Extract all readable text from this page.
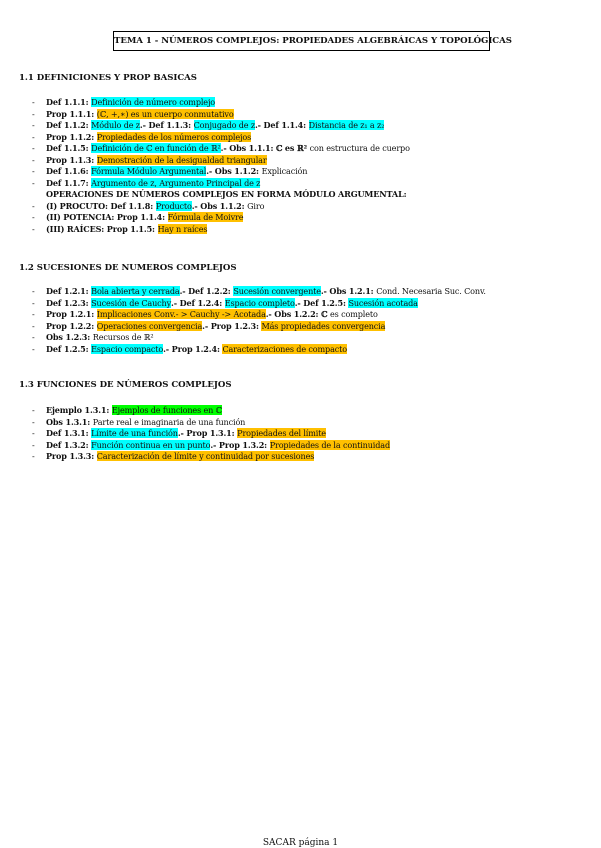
TEMA 1 - NÚMEROS COMPLEJOS: PROPIEDADES ALGEBRÁICAS Y TOPOLÓGICAS
1.1 DEFINICIONES Y PROP BASICAS
-	Def 1.1.1: Definición de número complejo
-	Prop 1.1.1: (ℂ, +,∗) es un cuerpo conmutativo
-	Def 1.1.2: Módulo de z.- Def 1.1.3: Conjugado de z.- Def 1.1.4: Distancia de z₁ a z₂
-	Prop 1.1.2: Propiedades de los números complejos
-	Def 1.1.5: Definición de ℂ en función de ℝ².- Obs 1.1.1: ℂ es ℝ² con estructura de cuerpo
-	Prop 1.1.3: Demostración de la desigualdad triangular
-	Def 1.1.6: Fórmula Módulo Argumental.- Obs 1.1.2: Explicación
-	Def 1.1.7: Argumento de z, Argumento Principal de z
OPERACIONES DE NÚMEROS COMPLEJOS EN FORMA MÓDULO ARGUMENTAL:
-	(I) PROCUTO: Def 1.1.8: Producto.- Obs 1.1.2: Giro
-	(II) POTENCIA: Prop 1.1.4: Fórmula de Moivre
-	(III) RAÍCES: Prop 1.1.5: Hay n raíces
1.2 SUCESIONES DE NUMEROS COMPLEJOS
-	Def 1.2.1: Bola abierta y cerrada.- Def 1.2.2: Sucesión convergente.- Obs 1.2.1: Cond. Necesaria Suc. Conv.
-	Def 1.2.3: Sucesión de Cauchy.- Def 1.2.4: Espacio completo.- Def 1.2.5: Sucesión acotada
-	Prop 1.2.1: Implicaciones Conv.- > Cauchy -> Acotada.- Obs 1.2.2: ℂ es completo
-	Prop 1.2.2: Operaciones convergencia.- Prop 1.2.3: Más propiedades convergencia
-	Obs 1.2.3: Recursos de ℝ²
-	Def 1.2.5: Espacio compacto.- Prop 1.2.4: Caracterizaciones de compacto
1.3 FUNCIONES DE NÚMEROS COMPLEJOS
-	Ejemplo 1.3.1: Ejemplos de funciones en ℂ
-	Obs 1.3.1: Parte real e imaginaria de una función
-	Def 1.3.1: Límite de una función.- Prop 1.3.1: Propiedades del límite
-	Def 1.3.2: Función continua en un punto.- Prop 1.3.2: Propiedades de la continuidad
-	Prop 1.3.3: Caracterización de límite y continuidad por sucesiones
SACAR página 1
